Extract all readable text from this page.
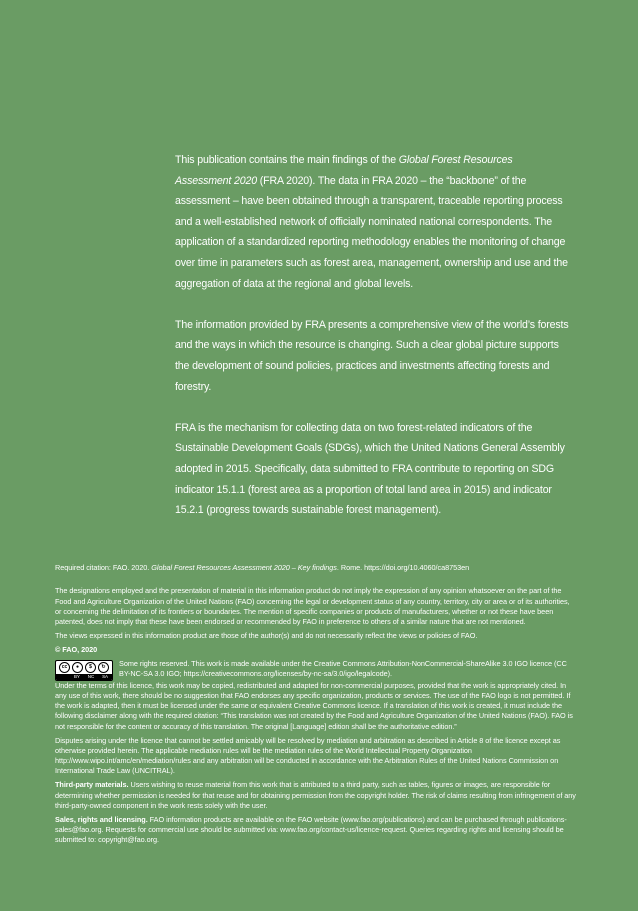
This publication contains the main findings of the Global Forest Resources Assessment 2020 (FRA 2020). The data in FRA 2020 – the “backbone” of the assessment – have been obtained through a transparent, traceable reporting process and a well-established network of officially nominated national correspondents. The application of a standardized reporting methodology enables the monitoring of change over time in parameters such as forest area, management, ownership and use and the aggregation of data at the regional and global levels.

The information provided by FRA presents a comprehensive view of the world’s forests and the ways in which the resource is changing. Such a clear global picture supports the development of sound policies, practices and investments affecting forests and forestry.

FRA is the mechanism for collecting data on two forest-related indicators of the Sustainable Development Goals (SDGs), which the United Nations General Assembly adopted in 2015. Specifically, data submitted to FRA contribute to reporting on SDG indicator 15.1.1 (forest area as a proportion of total land area in 2015) and indicator 15.2.1 (progress towards sustainable forest management).

Required citation: FAO. 2020. Global Forest Resources Assessment 2020 – Key findings. Rome. https://doi.org/10.4060/ca8753en

The designations employed and the presentation of material in this information product do not imply the expression of any opinion whatsoever on the part of the Food and Agriculture Organization of the United Nations (FAO) concerning the legal or development status of any country, territory, city or area or of its authorities, or concerning the delimitation of its frontiers or boundaries. The mention of specific companies or products of manufacturers, whether or not these have been patented, does not imply that these have been endorsed or recommended by FAO in preference to others of a similar nature that are not mentioned.

The views expressed in this information product are those of the author(s) and do not necessarily reflect the views or policies of FAO.

© FAO, 2020

cc	●	$	↻
BY NC SA
Some rights reserved. This work is made available under the Creative Commons Attribution-NonCommercial-ShareAlike 3.0 IGO licence (CC BY-NC-SA 3.0 IGO; https://creativecommons.org/licenses/by-nc-sa/3.0/igo/legalcode).

Under the terms of this licence, this work may be copied, redistributed and adapted for non-commercial purposes, provided that the work is appropriately cited. In any use of this work, there should be no suggestion that FAO endorses any specific organization, products or services. The use of the FAO logo is not permitted. If the work is adapted, then it must be licensed under the same or equivalent Creative Commons licence. If a translation of this work is created, it must include the following disclaimer along with the required citation: “This translation was not created by the Food and Agriculture Organization of the United Nations (FAO). FAO is not responsible for the content or accuracy of this translation. The original [Language] edition shall be the authoritative edition.”

Disputes arising under the licence that cannot be settled amicably will be resolved by mediation and arbitration as described in Article 8 of the licence except as otherwise provided herein. The applicable mediation rules will be the mediation rules of the World Intellectual Property Organization http://www.wipo.int/amc/en/mediation/rules and any arbitration will be conducted in accordance with the Arbitration Rules of the United Nations Commission on International Trade Law (UNCITRAL).

Third-party materials. Users wishing to reuse material from this work that is attributed to a third party, such as tables, figures or images, are responsible for determining whether permission is needed for that reuse and for obtaining permission from the copyright holder. The risk of claims resulting from infringement of any third-party-owned component in the work rests solely with the user.

Sales, rights and licensing. FAO information products are available on the FAO website (www.fao.org/publications) and can be purchased through publications-sales@fao.org. Requests for commercial use should be submitted via: www.fao.org/contact-us/licence-request. Queries regarding rights and licensing should be submitted to: copyright@fao.org.
